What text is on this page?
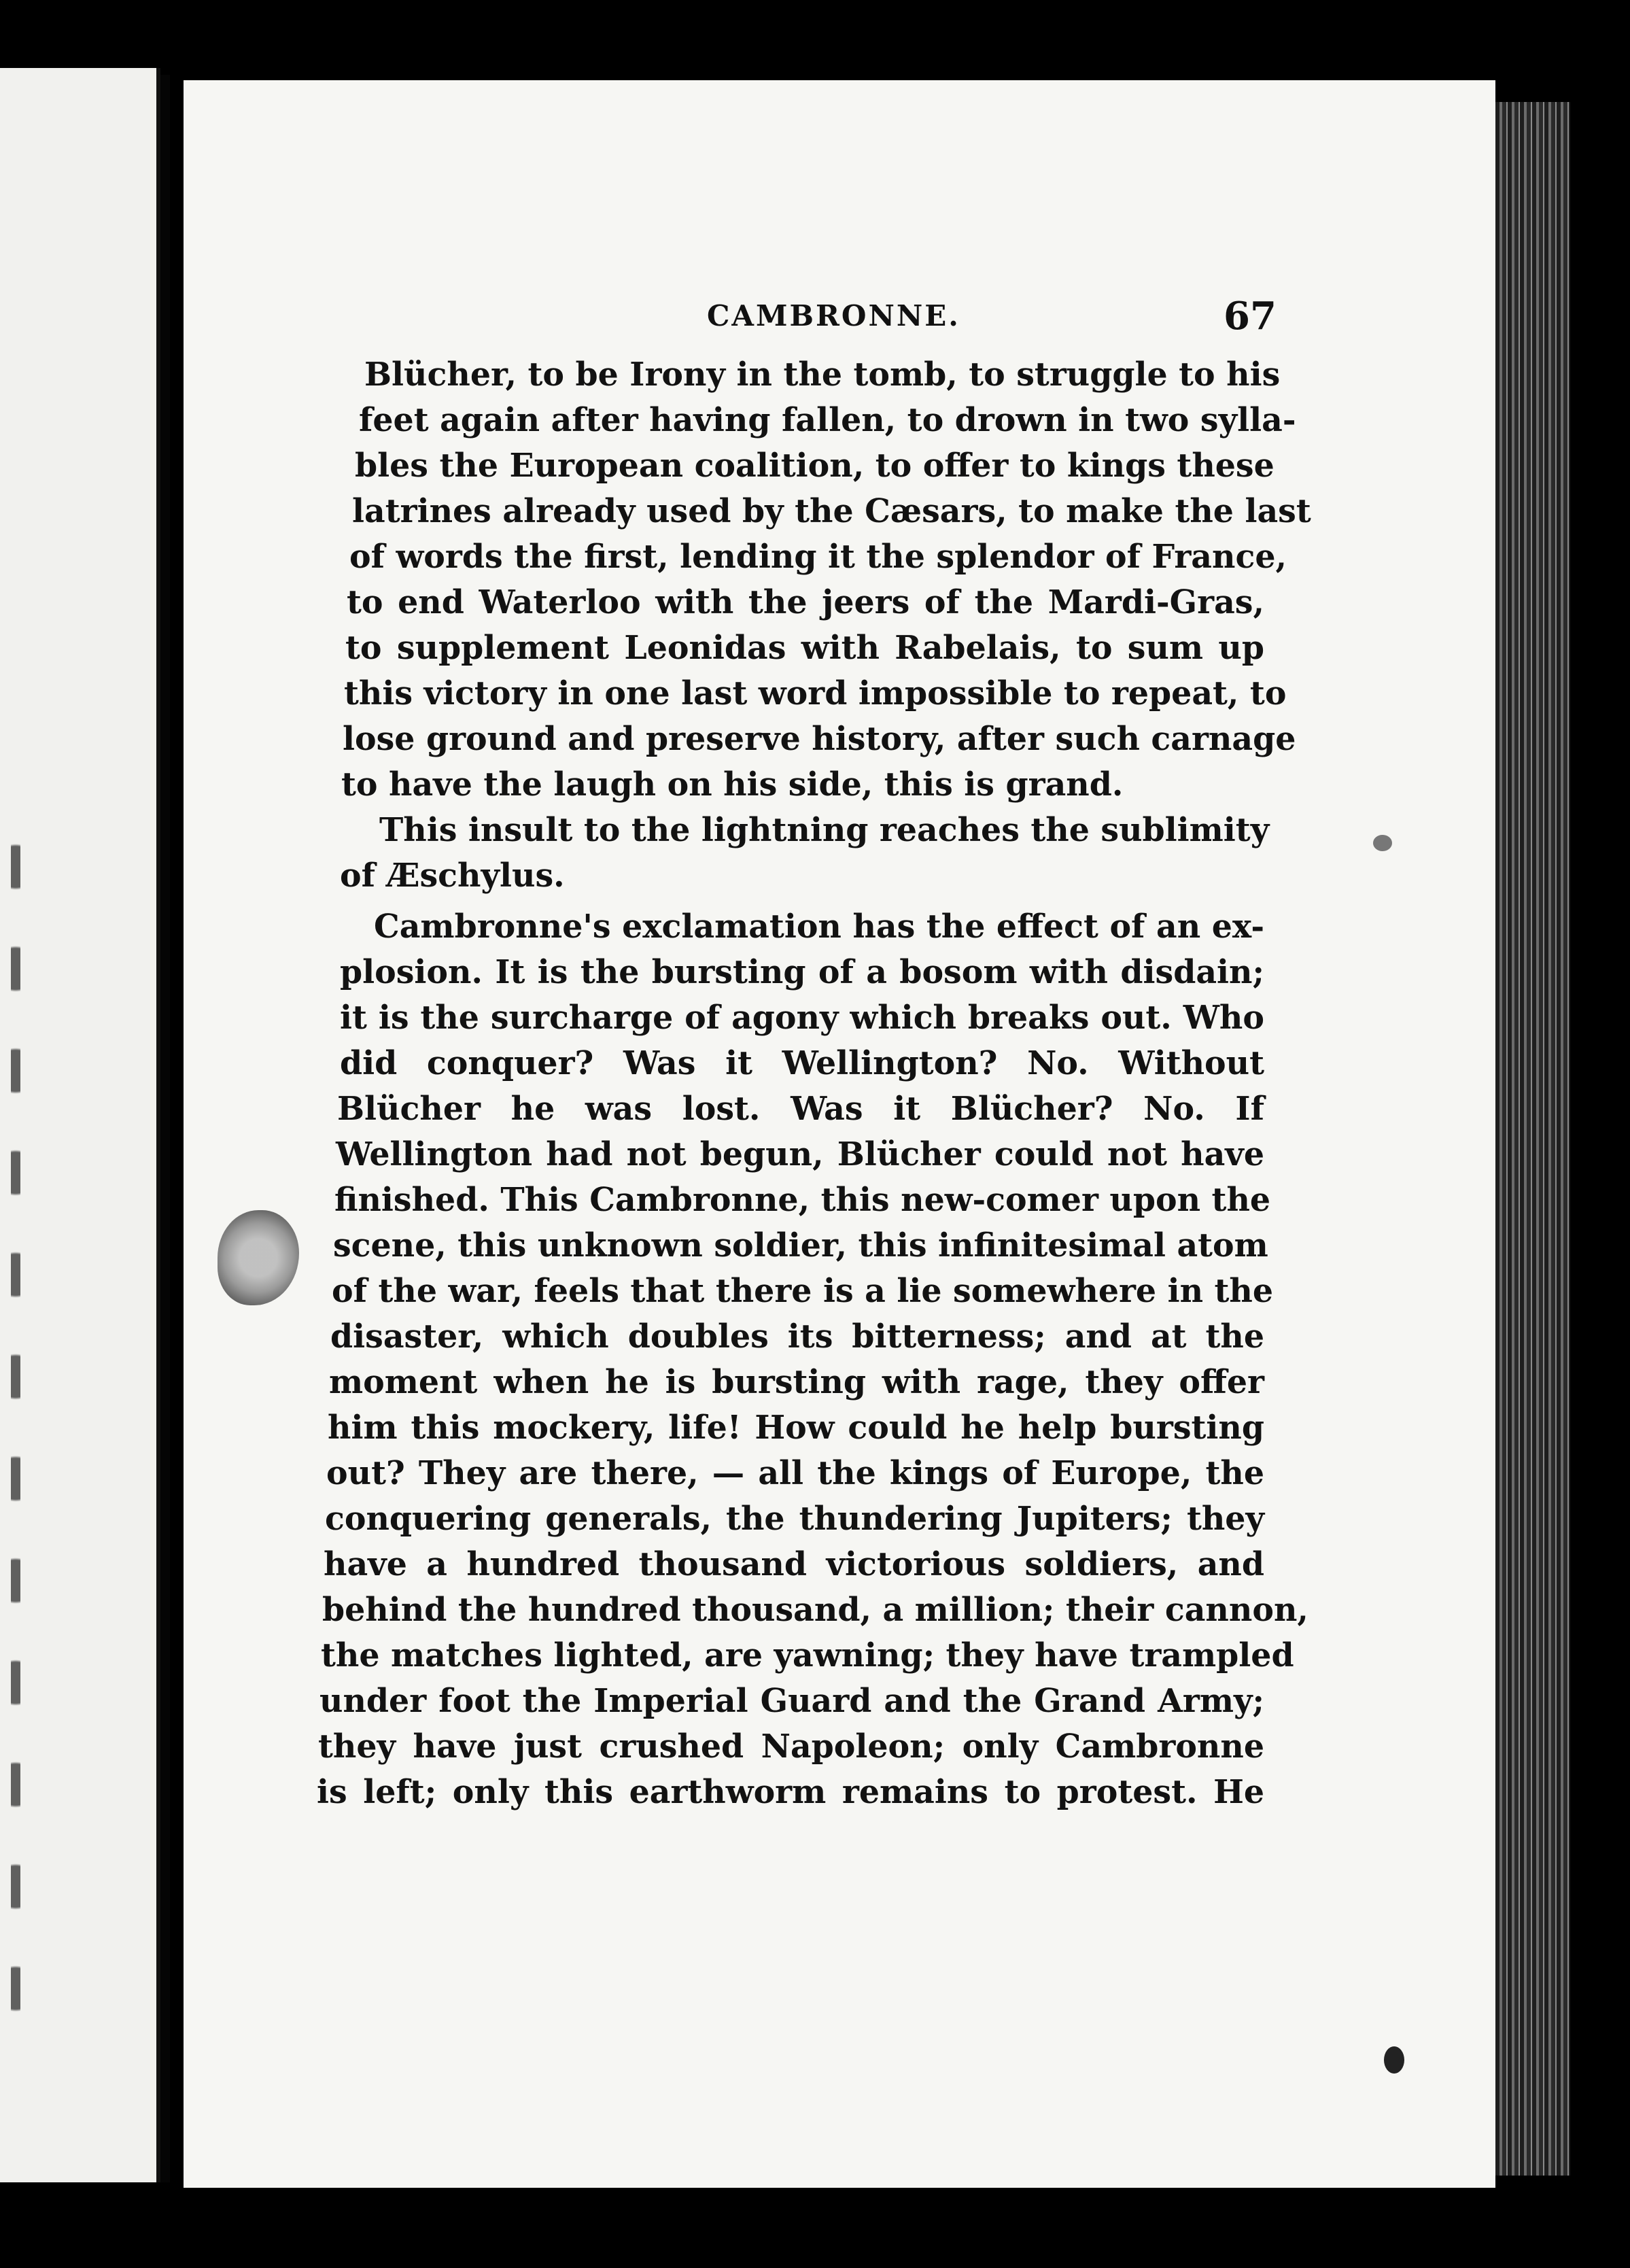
CAMBRONNE.	67
Blücher, to be Irony in the tomb, to struggle to his
feet again after having fallen, to drown in two sylla-
bles the European coalition, to offer to kings these
latrines already used by the Cæsars, to make the last
of words the first, lending it the splendor of France,
to end Waterloo with the jeers of the Mardi-Gras,
to supplement Leonidas with Rabelais, to sum up
this victory in one last word impossible to repeat, to
lose ground and preserve history, after such carnage
to have the laugh on his side, this is grand.
This insult to the lightning reaches the sublimity
of Æschylus.
Cambronne's exclamation has the effect of an ex-
plosion. It is the bursting of a bosom with disdain;
it is the surcharge of agony which breaks out. Who
did conquer? Was it Wellington? No. Without
Blücher he was lost. Was it Blücher? No. If
Wellington had not begun, Blücher could not have
finished. This Cambronne, this new-comer upon the
scene, this unknown soldier, this infinitesimal atom
of the war, feels that there is a lie somewhere in the
disaster, which doubles its bitterness; and at the
moment when he is bursting with rage, they offer
him this mockery, life! How could he help bursting
out? They are there, — all the kings of Europe, the
conquering generals, the thundering Jupiters; they
have a hundred thousand victorious soldiers, and
behind the hundred thousand, a million; their cannon,
the matches lighted, are yawning; they have trampled
under foot the Imperial Guard and the Grand Army;
they have just crushed Napoleon; only Cambronne
is left; only this earthworm remains to protest. He
